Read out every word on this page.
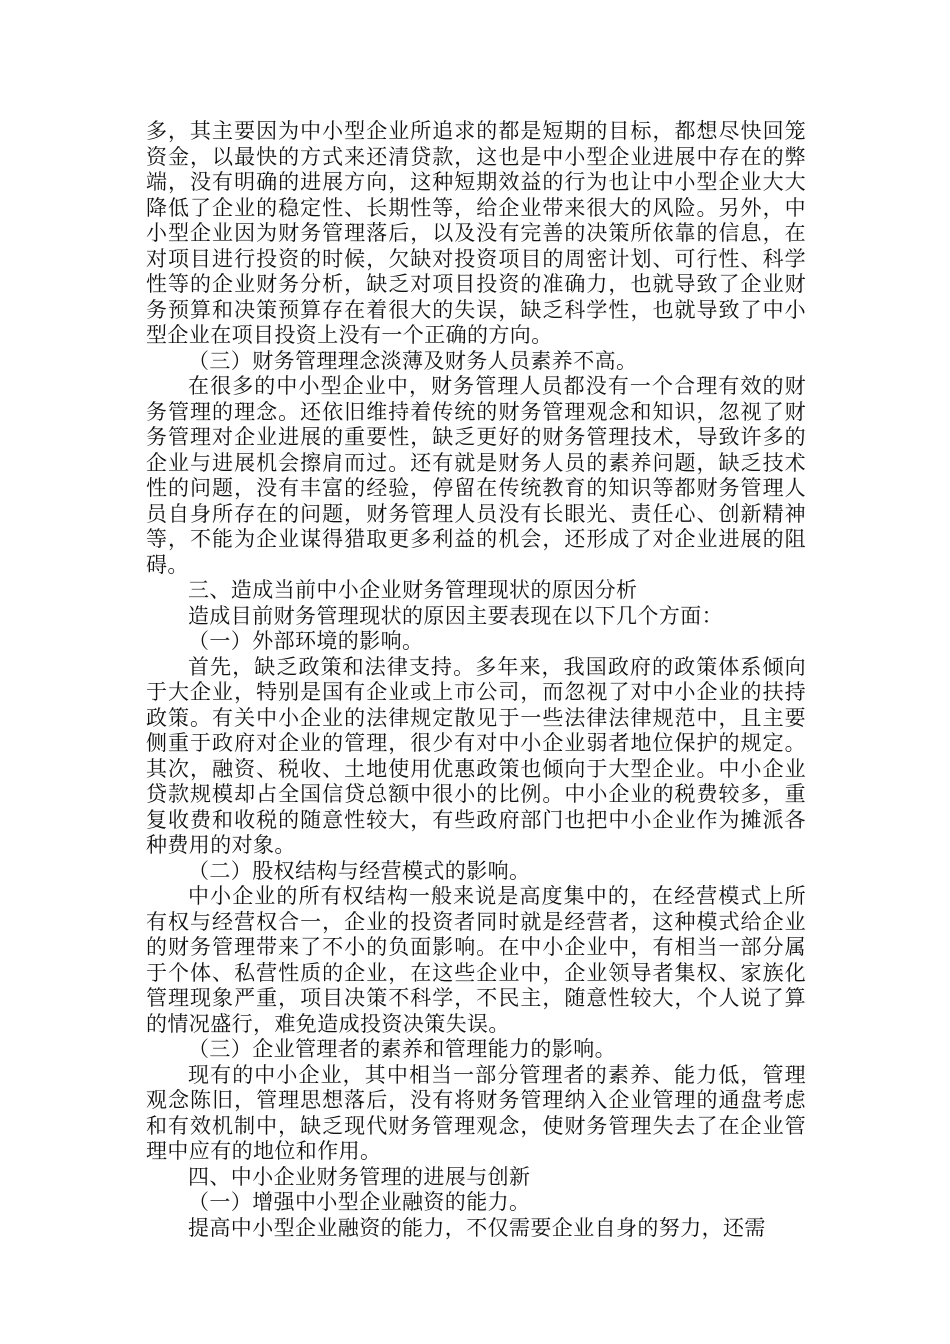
多，其主要因为中小型企业所追求的都是短期的目标，都想尽快回笼资金，以最快的方式来还清贷款，这也是中小型企业进展中存在的弊端，没有明确的进展方向，这种短期效益的行为也让中小型企业大大降低了企业的稳定性、长期性等，给企业带来很大的风险。另外，中小型企业因为财务管理落后，以及没有完善的决策所依靠的信息，在对项目进行投资的时候，欠缺对投资项目的周密计划、可行性、科学性等的企业财务分析，缺乏对项目投资的准确力，也就导致了企业财务预算和决策预算存在着很大的失误，缺乏科学性，也就导致了中小型企业在项目投资上没有一个正确的方向。

（三）财务管理理念淡薄及财务人员素养不高。

在很多的中小型企业中，财务管理人员都没有一个合理有效的财务管理的理念。还依旧维持着传统的财务管理观念和知识，忽视了财务管理对企业进展的重要性，缺乏更好的财务管理技术，导致许多的企业与进展机会擦肩而过。还有就是财务人员的素养问题，缺乏技术性的问题，没有丰富的经验，停留在传统教育的知识等都财务管理人员自身所存在的问题，财务管理人员没有长眼光、责任心、创新精神等，不能为企业谋得猎取更多利益的机会，还形成了对企业进展的阻碍。

三、造成当前中小企业财务管理现状的原因分析

造成目前财务管理现状的原因主要表现在以下几个方面：

（一）外部环境的影响。

首先，缺乏政策和法律支持。多年来，我国政府的政策体系倾向于大企业，特别是国有企业或上市公司，而忽视了对中小企业的扶持政策。有关中小企业的法律规定散见于一些法律法律规范中，且主要侧重于政府对企业的管理，很少有对中小企业弱者地位保护的规定。其次，融资、税收、土地使用优惠政策也倾向于大型企业。中小企业贷款规模却占全国信贷总额中很小的比例。中小企业的税费较多，重复收费和收税的随意性较大，有些政府部门也把中小企业作为摊派各种费用的对象。

（二）股权结构与经营模式的影响。

中小企业的所有权结构一般来说是高度集中的，在经营模式上所有权与经营权合一，企业的投资者同时就是经营者，这种模式给企业的财务管理带来了不小的负面影响。在中小企业中，有相当一部分属于个体、私营性质的企业，在这些企业中，企业领导者集权、家族化管理现象严重，项目决策不科学，不民主，随意性较大，个人说了算的情况盛行，难免造成投资决策失误。

（三）企业管理者的素养和管理能力的影响。

现有的中小企业，其中相当一部分管理者的素养、能力低，管理观念陈旧，管理思想落后，没有将财务管理纳入企业管理的通盘考虑和有效机制中，缺乏现代财务管理观念，使财务管理失去了在企业管理中应有的地位和作用。

四、中小企业财务管理的进展与创新

（一）增强中小型企业融资的能力。

提高中小型企业融资的能力，不仅需要企业自身的努力，还需
